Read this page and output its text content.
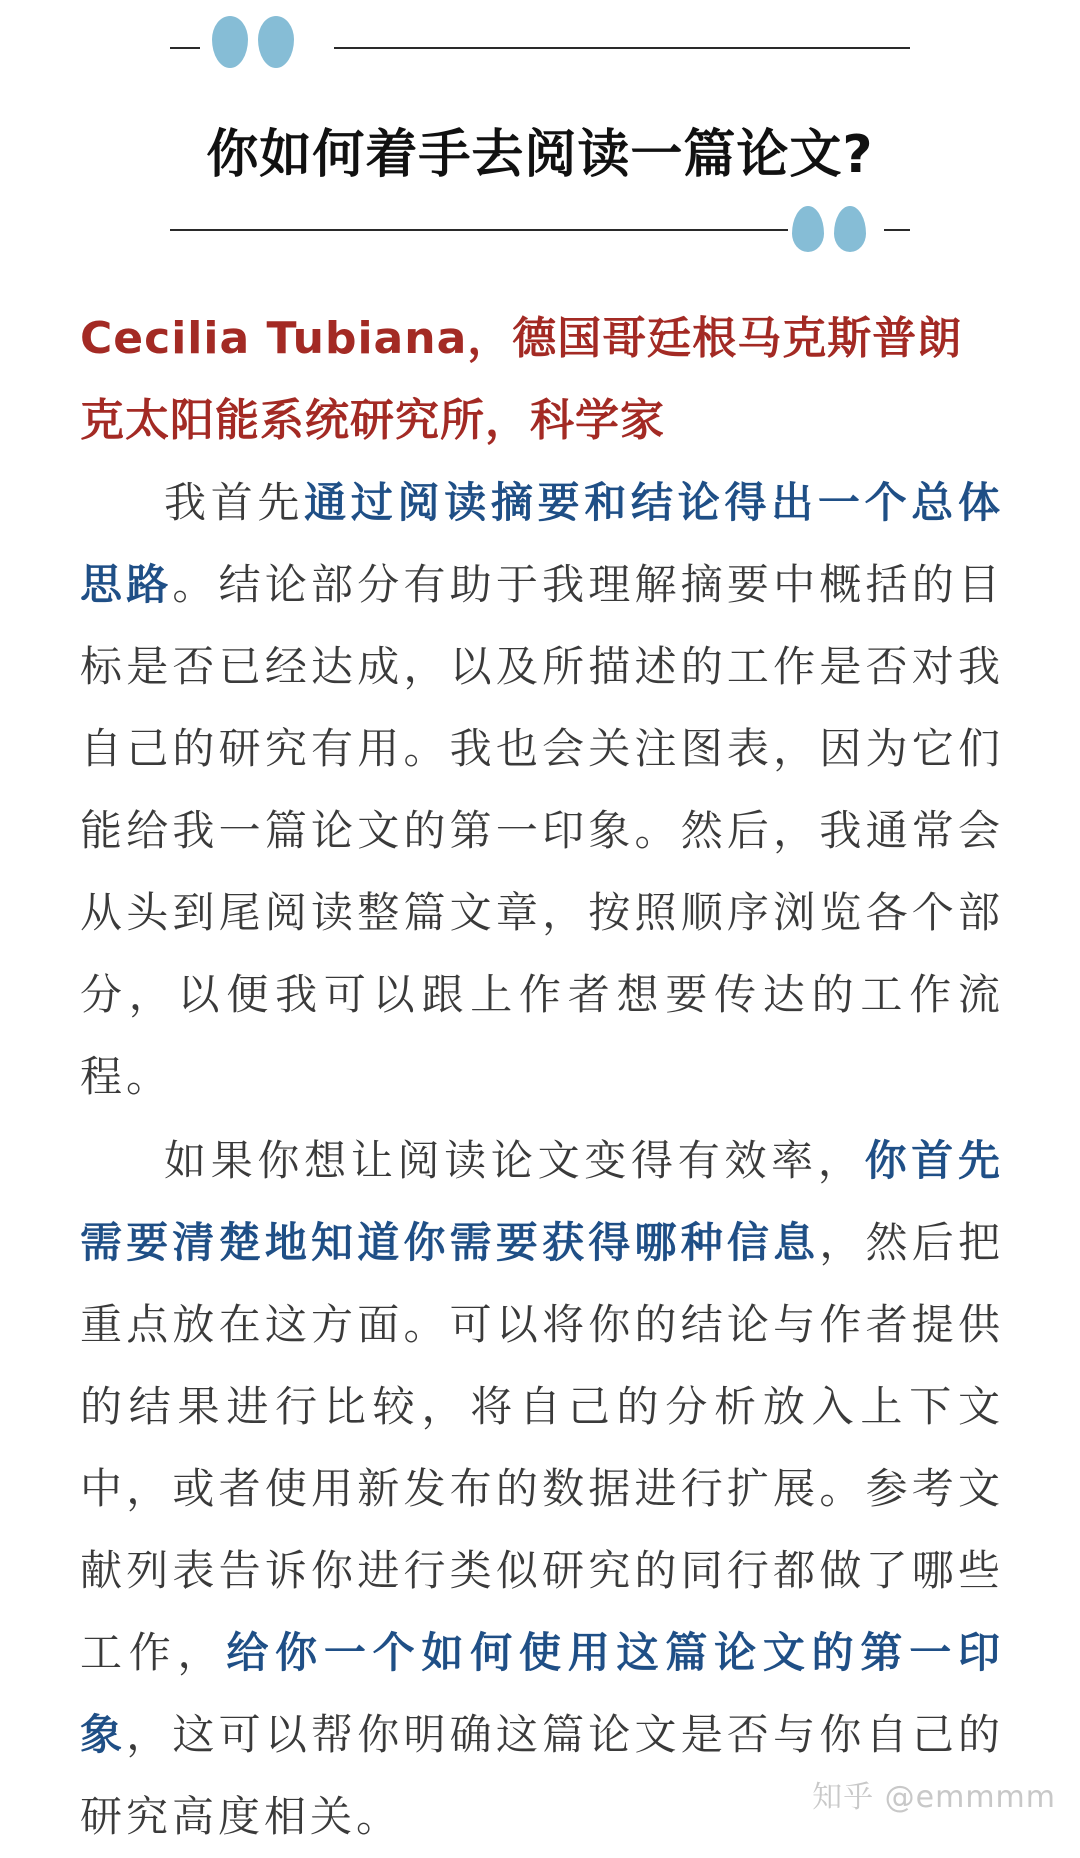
你如何着手去阅读一篇论文?

Cecilia Tubiana，德国哥廷根马克斯普朗克太阳能系统研究所，科学家

我首先通过阅读摘要和结论得出一个总体思路。结论部分有助于我理解摘要中概括的目标是否已经达成，以及所描述的工作是否对我自己的研究有用。我也会关注图表，因为它们能给我一篇论文的第一印象。然后，我通常会从头到尾阅读整篇文章，按照顺序浏览各个部分，以便我可以跟上作者想要传达的工作流程。

如果你想让阅读论文变得有效率，你首先需要清楚地知道你需要获得哪种信息，然后把重点放在这方面。可以将你的结论与作者提供的结果进行比较，将自己的分析放入上下文中，或者使用新发布的数据进行扩展。参考文献列表告诉你进行类似研究的同行都做了哪些工作，给你一个如何使用这篇论文的第一印象，这可以帮你明确这篇论文是否与你自己的研究高度相关。	知乎 @emmmm
